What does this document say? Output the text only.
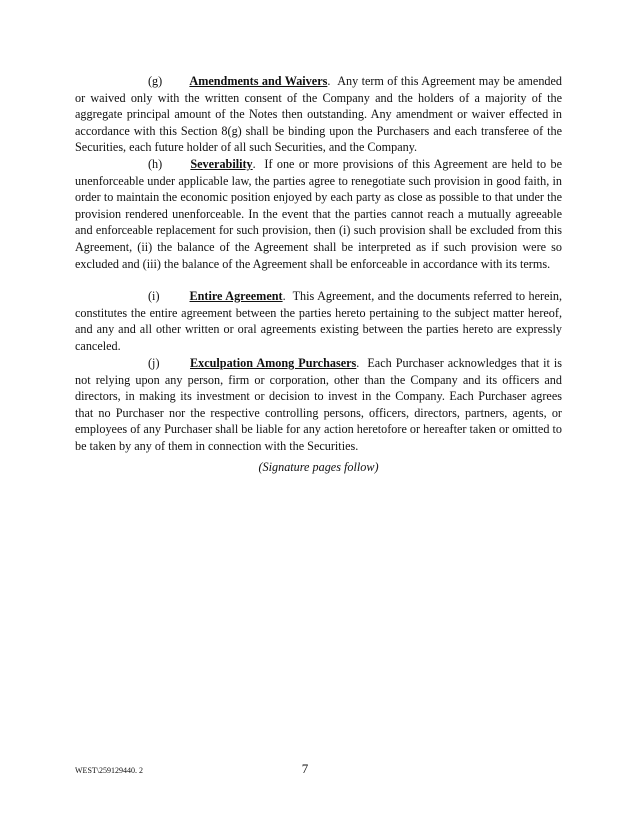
(g) Amendments and Waivers. Any term of this Agreement may be amended or waived only with the written consent of the Company and the holders of a majority of the aggregate principal amount of the Notes then outstanding. Any amendment or waiver effected in accordance with this Section 8(g) shall be binding upon the Purchasers and each transferee of the Securities, each future holder of all such Securities, and the Company.

(h) Severability. If one or more provisions of this Agreement are held to be unenforceable under applicable law, the parties agree to renegotiate such provision in good faith, in order to maintain the economic position enjoyed by each party as close as possible to that under the provision rendered unenforceable. In the event that the parties cannot reach a mutually agreeable and enforceable replacement for such provision, then (i) such provision shall be excluded from this Agreement, (ii) the balance of the Agreement shall be interpreted as if such provision were so excluded and (iii) the balance of the Agreement shall be enforceable in accordance with its terms.

(i) Entire Agreement. This Agreement, and the documents referred to herein, constitutes the entire agreement between the parties hereto pertaining to the subject matter hereof, and any and all other written or oral agreements existing between the parties hereto are expressly canceled.

(j)	Exculpation Among Purchasers. Each Purchaser acknowledges that it is not relying upon any person, firm or corporation, other than the Company and its officers and directors, in making its investment or decision to invest in the Company. Each Purchaser agrees that no Purchaser nor the respective controlling persons, officers, directors, partners, agents, or employees of any Purchaser shall be liable for any action heretofore or hereafter taken or omitted to be taken by any of them in connection with the Securities.

(Signature pages follow)
WEST\259129440. 2	7
